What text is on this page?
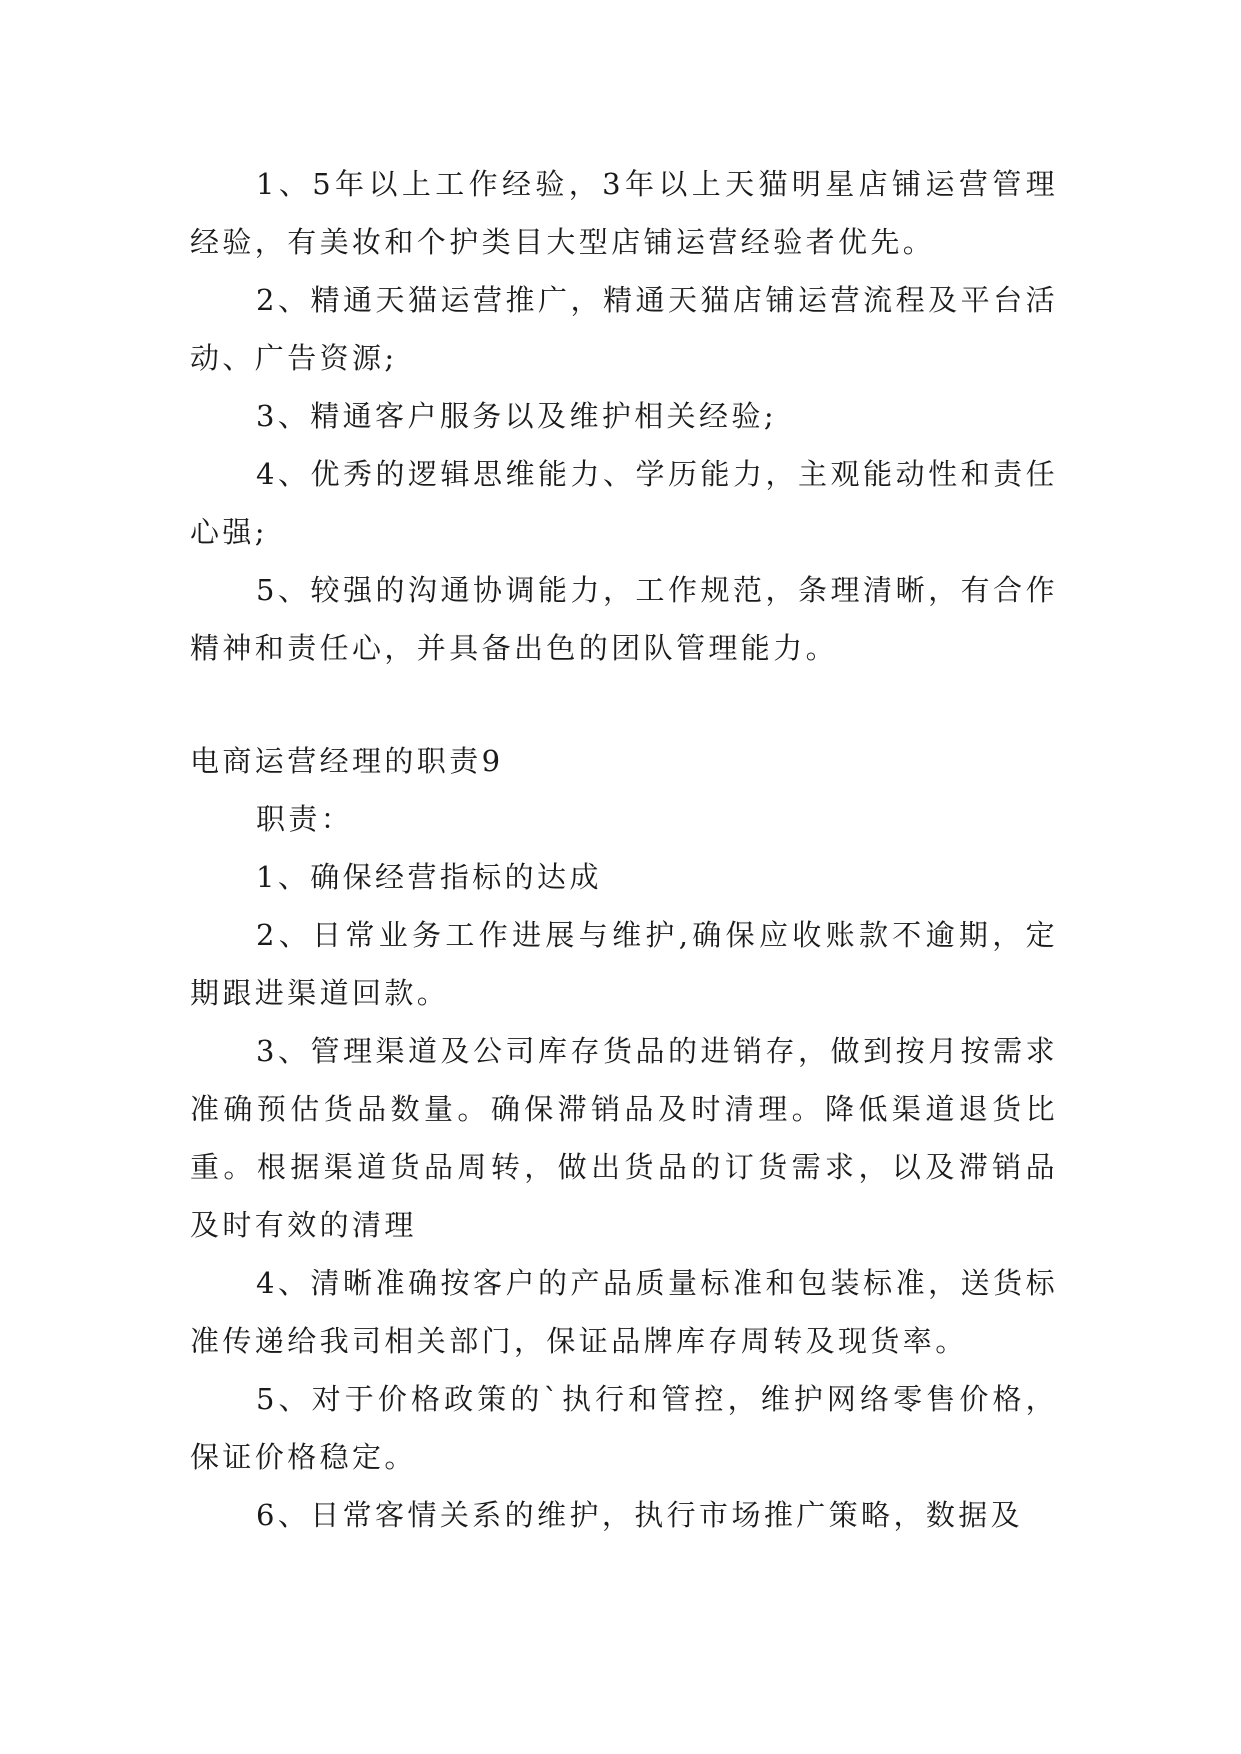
1、5年以上工作经验，3年以上天猫明星店铺运营管理经验，有美妆和个护类目大型店铺运营经验者优先。

2、精通天猫运营推广，精通天猫店铺运营流程及平台活动、广告资源;

3、精通客户服务以及维护相关经验;

4、优秀的逻辑思维能力、学历能力，主观能动性和责任心强;

5、较强的沟通协调能力，工作规范，条理清晰，有合作精神和责任心，并具备出色的团队管理能力。

电商运营经理的职责9

职责：

1、确保经营指标的达成

2、日常业务工作进展与维护,确保应收账款不逾期，定期跟进渠道回款。

3、管理渠道及公司库存货品的进销存，做到按月按需求准确预估货品数量。确保滞销品及时清理。降低渠道退货比重。根据渠道货品周转，做出货品的订货需求，以及滞销品及时有效的清理

4、清晰准确按客户的产品质量标准和包装标准，送货标准传递给我司相关部门，保证品牌库存周转及现货率。

5、对于价格政策的`执行和管控，维护网络零售价格，保证价格稳定。

6、日常客情关系的维护，执行市场推广策略，数据及
